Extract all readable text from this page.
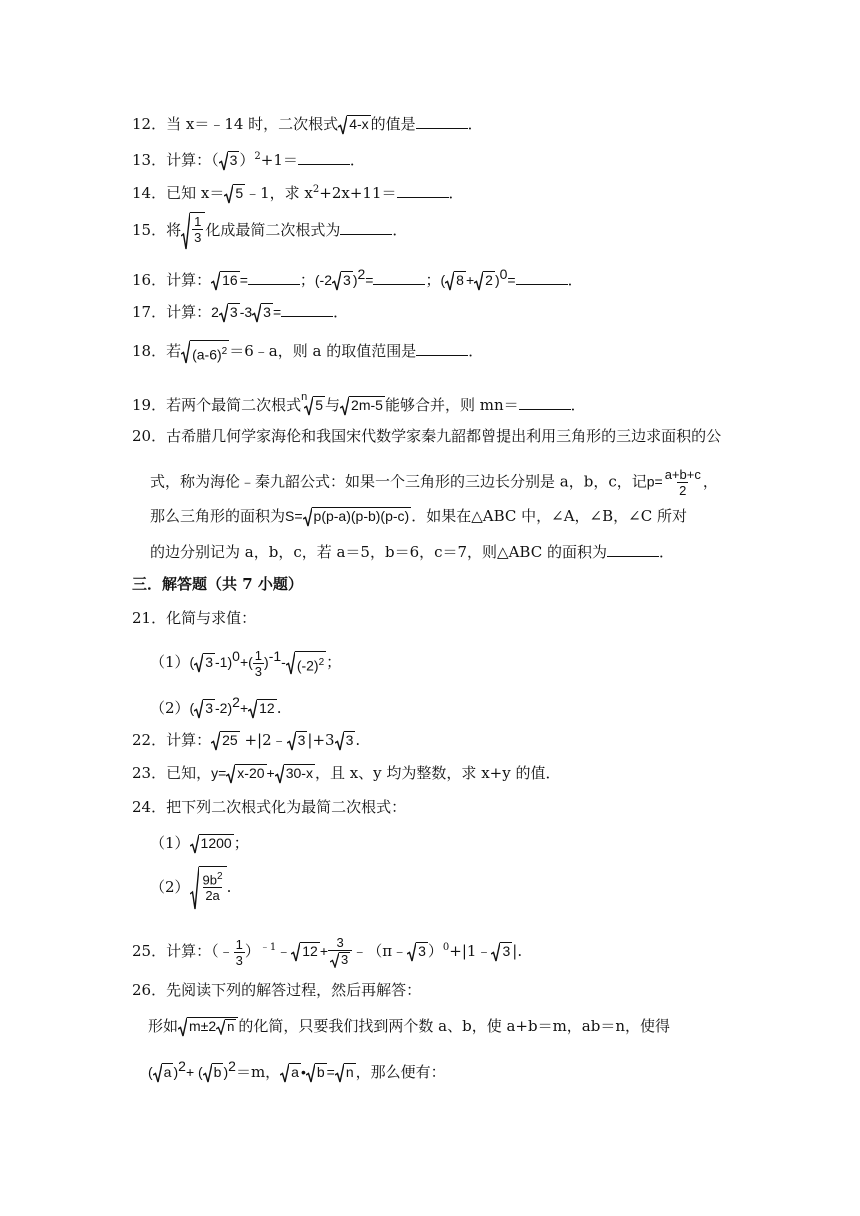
12．当 x＝﹣14 时，二次根式 4-x 的值是	．
13．计算：（ 3 ）$^2$+1＝	．
14．已知 x＝ 5 ﹣1，求 $x^2+2x+11=$	．
15．将 $\frac{1}{3}$ 化成最简二次根式为	．
16．计算： 16 =	；(-2 3 )$^2$=	；( 8 + 2 )$^0$=	．
17．计算：2 3 -3 3 =	．
18．若 $(a-6)^2$ ＝6﹣a，则 a 的取值范围是	．
19．若两个最简二次根式$^n$ 5 与 2m-5 能够合并，则 mn＝	．
20．古希腊几何学家海伦和我国宋代数学家秦九韶都曾提出利用三角形的三边求面积的公
式，称为海伦﹣秦九韶公式：如果一个三角形的三边长分别是 a，b，c，记$p= \frac{a+b+c}{2}$ ，
那么三角形的面积为S= p(p-a)(p-b)(p-c) ．如果在△ABC 中，∠A，∠B，∠C 所对
的边分别记为 a，b，c，若 a＝5，b＝6，c＝7，则△ABC 的面积为	．
三．解答题（共 7 小题）
21．化简与求值：
（1）( 3 $-1)^0+( \frac{1}{3} )^{-1}-$ $(-2)^2$ ；
（2）( 3 -2)$^2$+ 12 .
22．计算： 25 +|2﹣ 3 |+3 3 .
23．已知，y= x-20 + 30-x ，且 x、y 均为整数，求 x+y 的值．
24．把下列二次根式化为最简二次根式：
（1） 1200 ；
$(2) \frac{9b^2}{2a}$ .
25．计算：（﹣ $\frac{1}{3}$ ）$^{﹣1}$﹣ $12 + \frac{3}{3}$ ﹣（π﹣ 3 ）$^0$+|1﹣ 3 |.
26．先阅读下列的解答过程，然后再解答：
形如 m±2 n 的化简，只要我们找到两个数 a、b，使 a+b＝m，ab＝n，使得
( a )$^2$+ ( b )$^2$＝m， a • b = n ，那么便有：
